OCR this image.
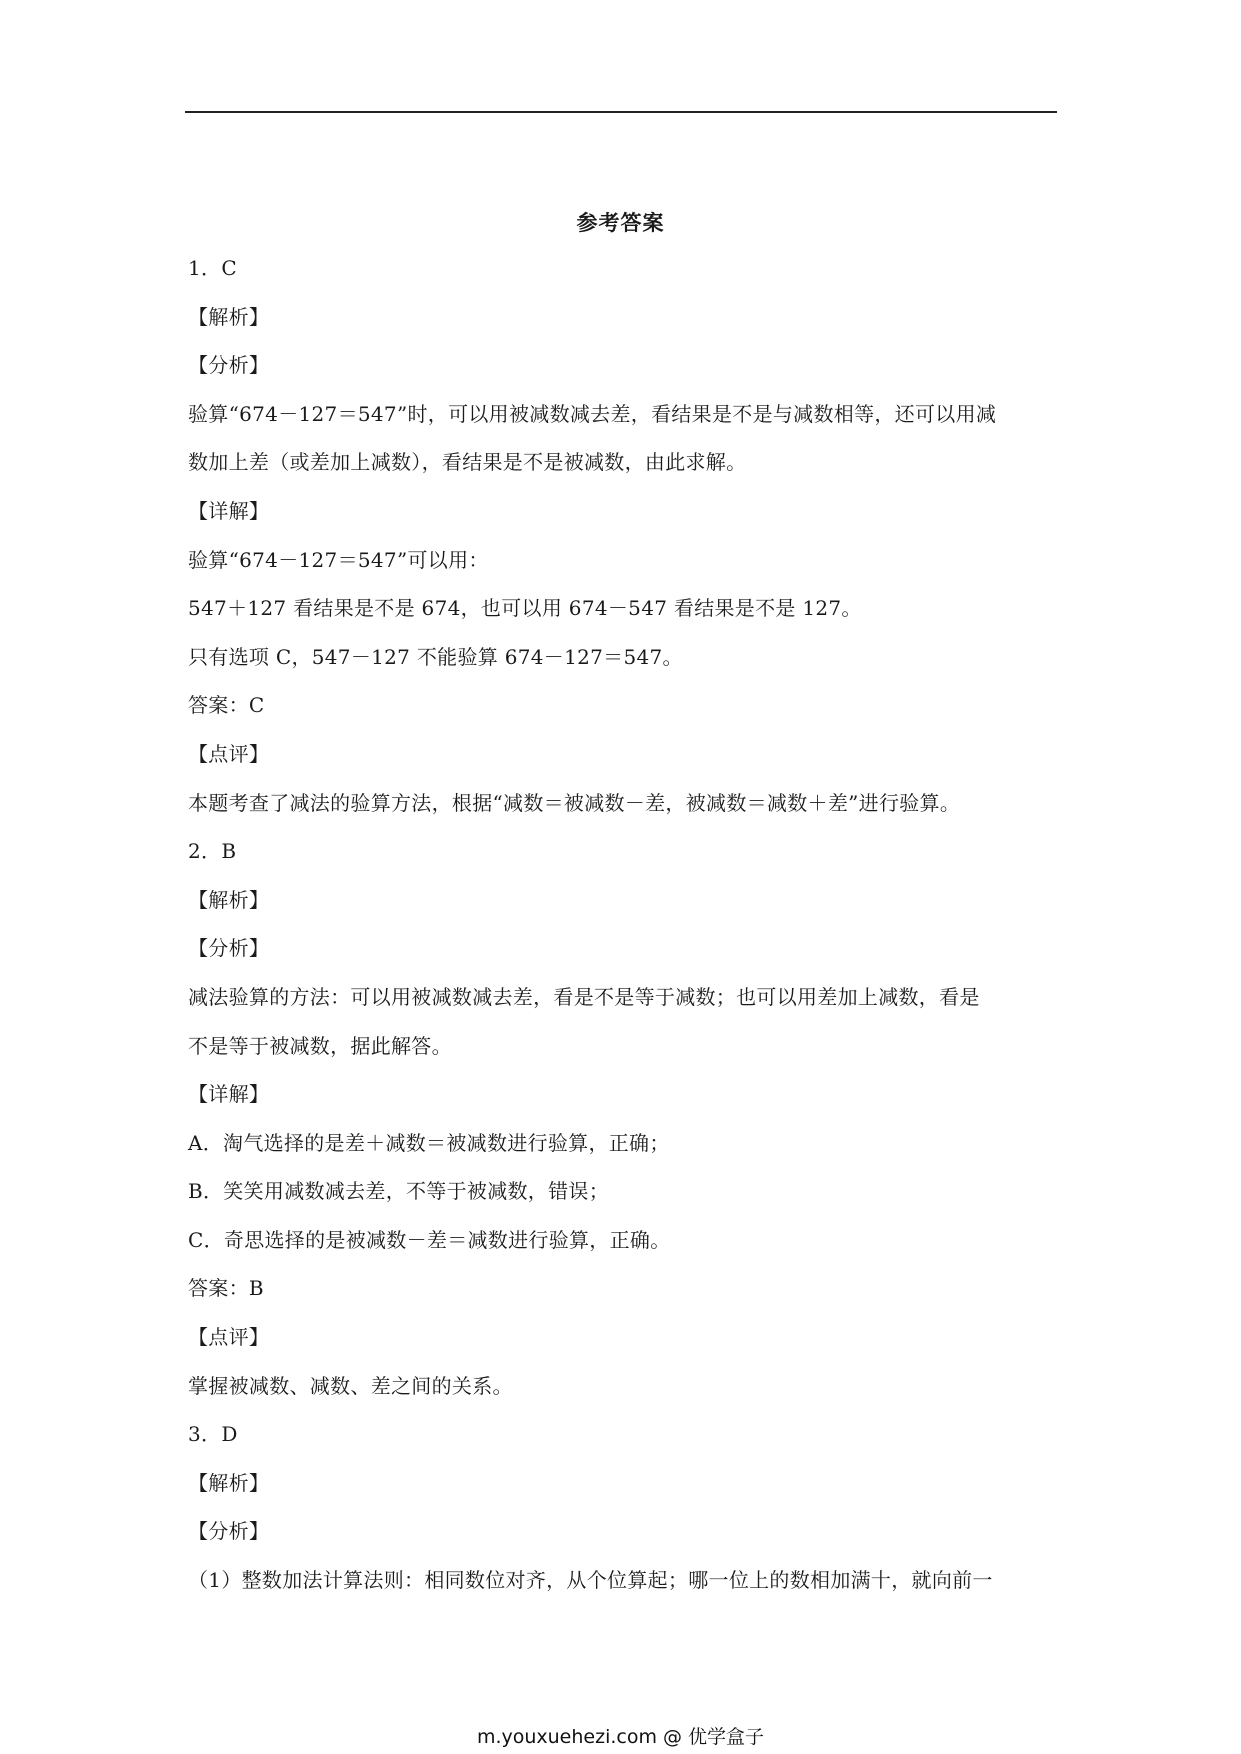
参考答案
1．C
【解析】
【分析】
验算“674－127＝547”时，可以用被减数减去差，看结果是不是与减数相等，还可以用减
数加上差（或差加上减数），看结果是不是被减数，由此求解。
【详解】
验算“674－127＝547”可以用：
547＋127 看结果是不是 674，也可以用 674－547 看结果是不是 127。
只有选项 C，547－127 不能验算 674－127＝547。
答案：C
【点评】
本题考查了减法的验算方法，根据“减数＝被减数－差，被减数＝减数＋差”进行验算。
2．B
【解析】
【分析】
减法验算的方法：可以用被减数减去差，看是不是等于减数；也可以用差加上减数，看是
不是等于被减数，据此解答。
【详解】
A．淘气选择的是差＋减数＝被减数进行验算，正确；
B．笑笑用减数减去差，不等于被减数，错误；
C．奇思选择的是被减数－差＝减数进行验算，正确。
答案：B
【点评】
掌握被减数、减数、差之间的关系。
3．D
【解析】
【分析】
（1）整数加法计算法则：相同数位对齐，从个位算起；哪一位上的数相加满十，就向前一
m.youxuehezi.com @ 优学盒子
